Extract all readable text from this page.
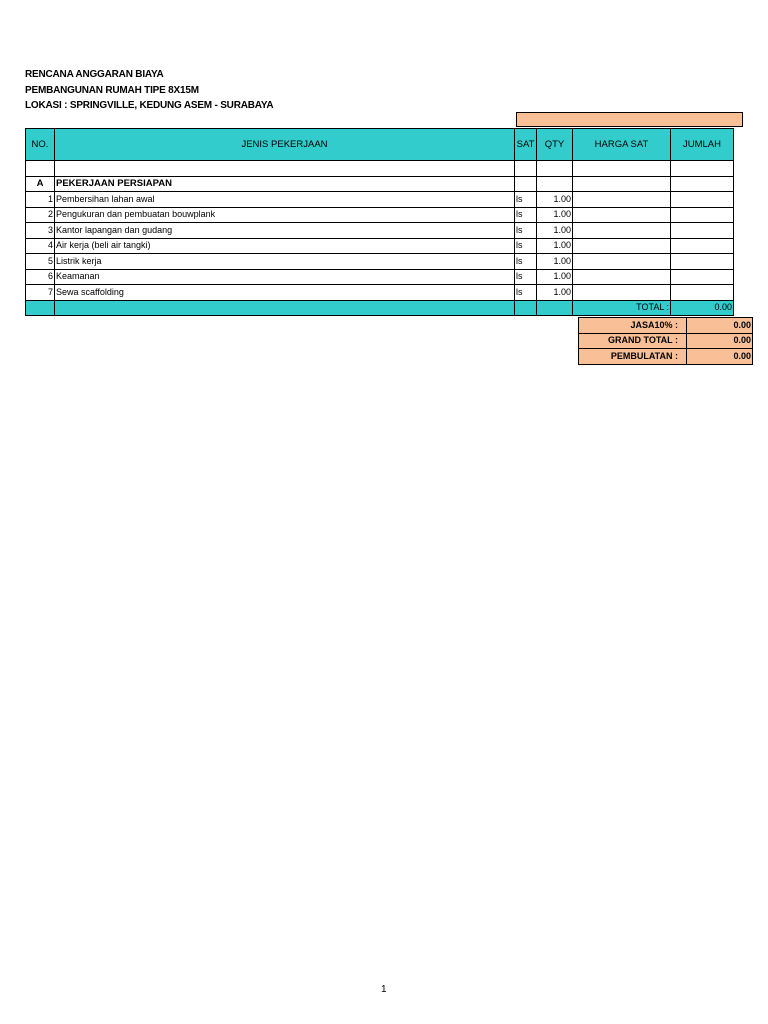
RENCANA ANGGARAN BIAYA
PEMBANGUNAN RUMAH TIPE 8X15M
LOKASI : SPRINGVILLE, KEDUNG ASEM - SURABAYA
NO.	JENIS PEKERJAAN	SAT	QTY	HARGA SAT	JUMLAH

A	PEKERJAAN PERSIAPAN				
1	Pembersihan lahan awal	ls	1.00		
2	Pengukuran dan pembuatan bouwplank	ls	1.00		
3	Kantor lapangan dan gudang	ls	1.00		
4	Air kerja (beli air tangki)	ls	1.00		
5	Listrik kerja	ls	1.00		
6	Keamanan	ls	1.00		
7	Sewa scaffolding	ls	1.00		
				TOTAL :	0.00
JASA10% :	0.00
GRAND TOTAL :	0.00
PEMBULATAN :	0.00
1
